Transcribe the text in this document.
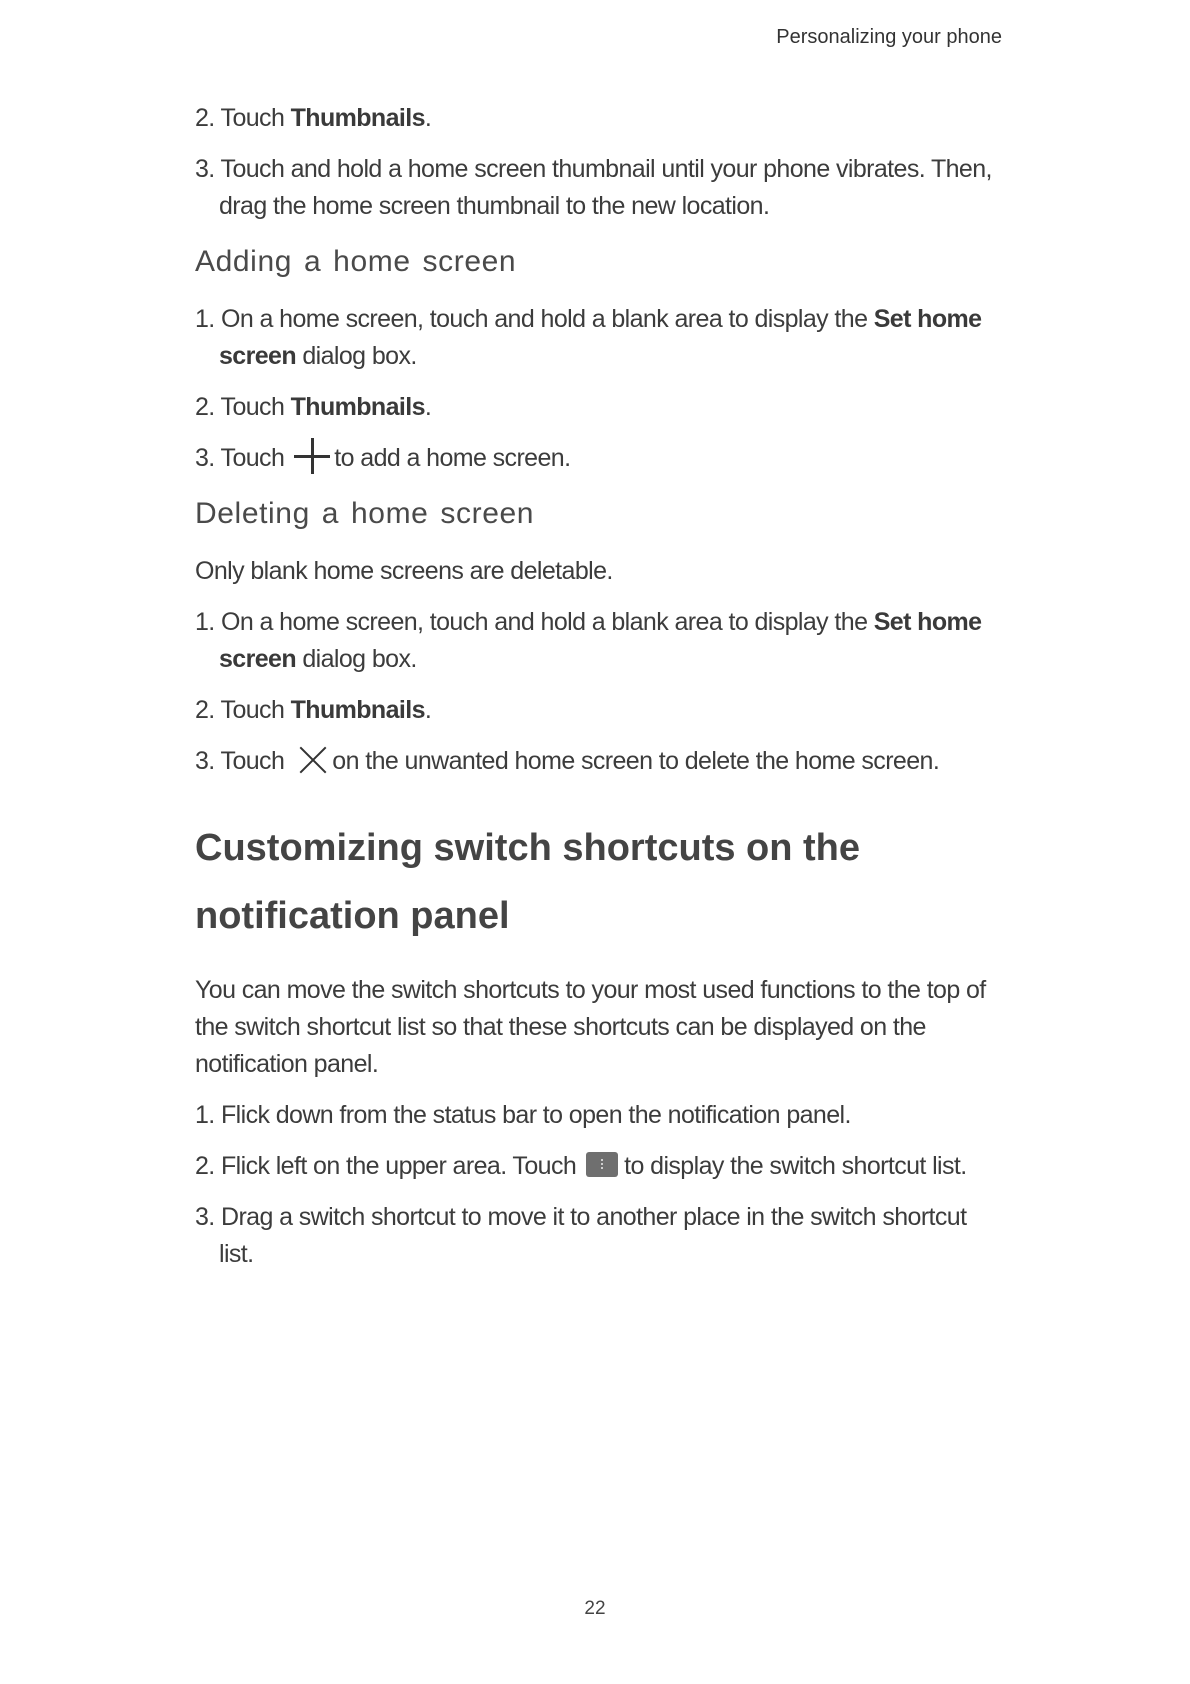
Personalizing your phone

2. Touch Thumbnails.

3. Touch and hold a home screen thumbnail until your phone vibrates. Then, drag the home screen thumbnail to the new location.

Adding a home screen

1. On a home screen, touch and hold a blank area to display the Set home screen dialog box.

2. Touch Thumbnails.

3. Touch to add a home screen.

Deleting a home screen

Only blank home screens are deletable.

1. On a home screen, touch and hold a blank area to display the Set home screen dialog box.

2. Touch Thumbnails.

3. Touch on the unwanted home screen to delete the home screen.

Customizing switch shortcuts on the notification panel

You can move the switch shortcuts to your most used functions to the top of the switch shortcut list so that these shortcuts can be displayed on the notification panel.

1. Flick down from the status bar to open the notification panel.

2. Flick left on the upper area. Touch to display the switch shortcut list.

3. Drag a switch shortcut to move it to another place in the switch shortcut list.

22
